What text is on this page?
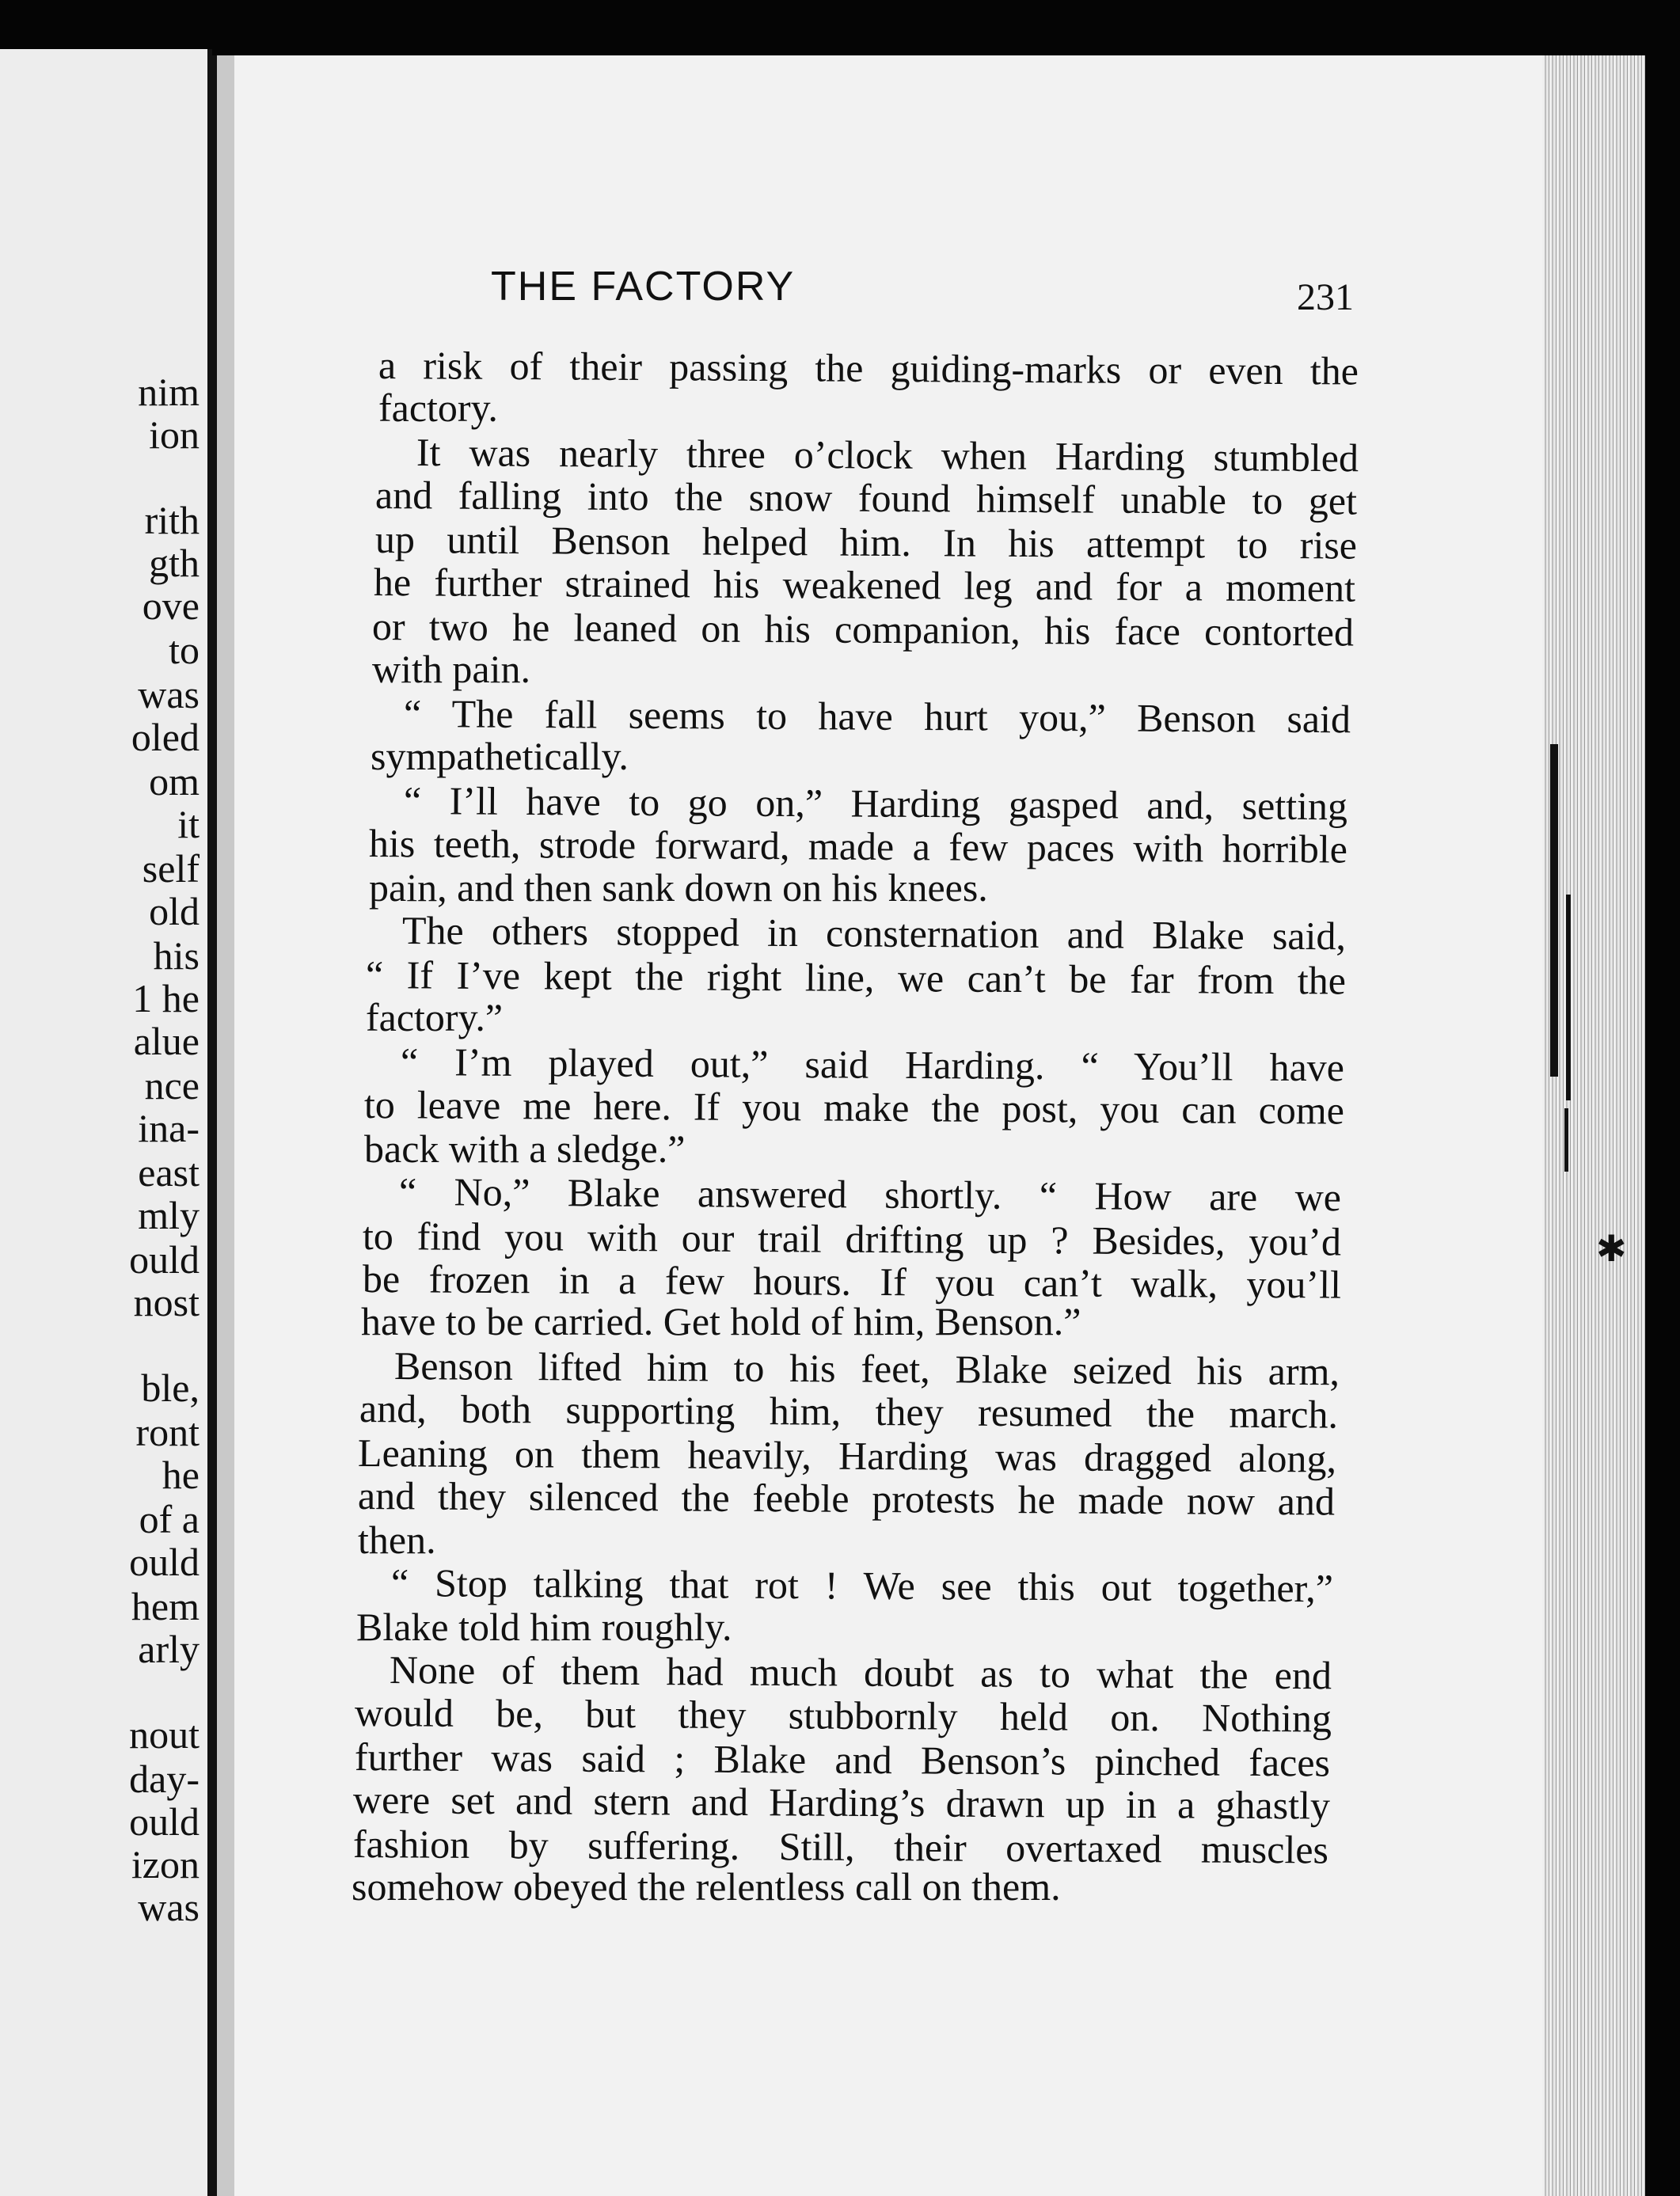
nim
ion
rith
gth
ove
to
was
oled
om
it
self
old
his
1 he
alue
nce
ina-
east
mly
ould
nost
ble,
ront
he
of a
ould
hem
arly
nout
day-
ould
izon
was
✱
THE FACTORY	231
a risk of their passing the guiding-marks or even the
factory.
It was nearly three o’clock when Harding stumbled
and falling into the snow found himself unable to get
up until Benson helped him. In his attempt to rise
he further strained his weakened leg and for a moment
or two he leaned on his companion, his face contorted
with pain.
“ The fall seems to have hurt you,” Benson said
sympathetically.
“ I’ll have to go on,” Harding gasped and, setting
his teeth, strode forward, made a few paces with horrible
pain, and then sank down on his knees.
The others stopped in consternation and Blake said,
“ If I’ve kept the right line, we can’t be far from the
factory.”
“ I’m played out,” said Harding. “ You’ll have
to leave me here. If you make the post, you can come
back with a sledge.”
“ No,” Blake answered shortly. “ How are we
to find you with our trail drifting up ? Besides, you’d
be frozen in a few hours. If you can’t walk, you’ll
have to be carried. Get hold of him, Benson.”
Benson lifted him to his feet, Blake seized his arm,
and, both supporting him, they resumed the march.
Leaning on them heavily, Harding was dragged along,
and they silenced the feeble protests he made now and
then.
“ Stop talking that rot ! We see this out together,”
Blake told him roughly.
None of them had much doubt as to what the end
would be, but they stubbornly held on. Nothing
further was said ; Blake and Benson’s pinched faces
were set and stern and Harding’s drawn up in a ghastly
fashion by suffering. Still, their overtaxed muscles
somehow obeyed the relentless call on them.
